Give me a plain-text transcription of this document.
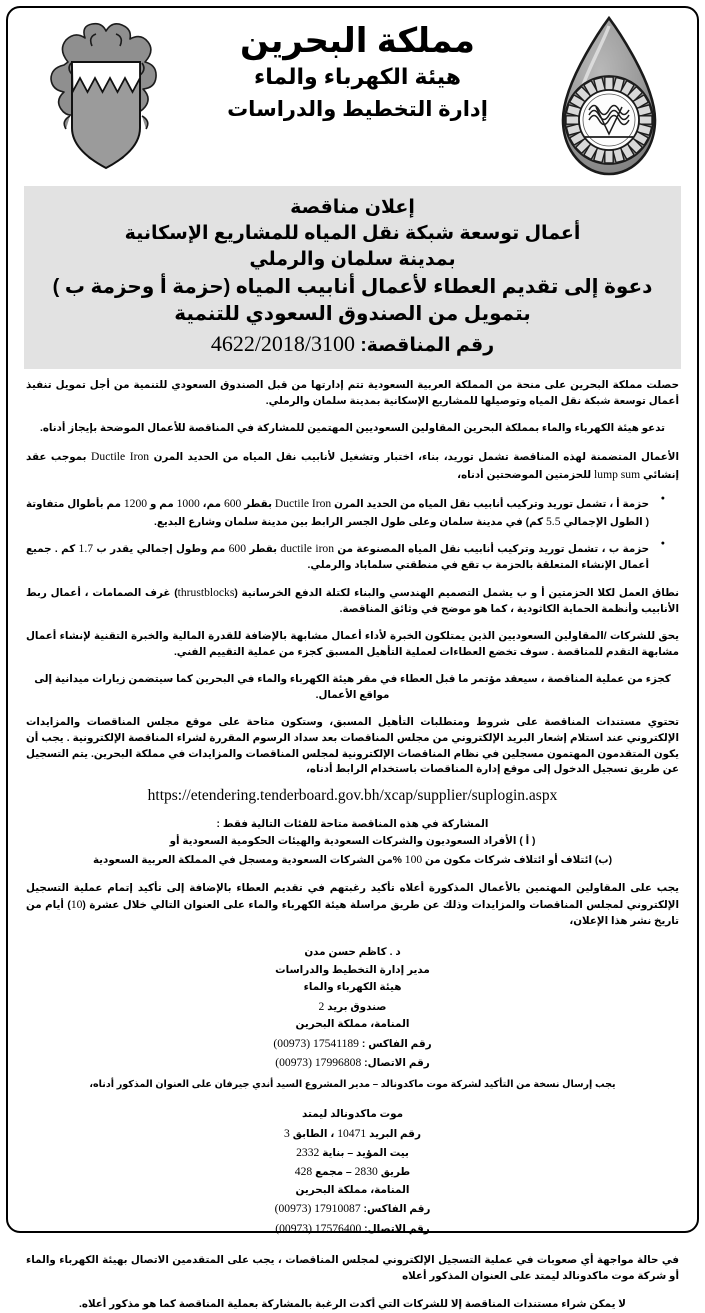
مملكة البحرين
هيئة الكهرباء والماء
إدارة التخطيط والدراسات
إعلان مناقصة
أعمال توسعة شبكة نقل المياه للمشاريع الإسكانية
بمدينة سلمان والرملي
دعوة إلى تقديم العطاء لأعمال أنابيب المياه (حزمة أ وحزمة ب )
بتمويل من الصندوق السعودي للتنمية
رقم المناقصة: 4622/2018/3100

حصلت مملكة البحرين على منحة من المملكة العربية السعودية تتم إدارتها من قبل الصندوق السعودي للتنمية من أجل تمويل تنفيذ أعمال توسعة شبكة نقل المياه وتوصيلها للمشاريع الإسكانية بمدينة سلمان والرملي.

تدعو هيئة الكهرباء والماء بمملكة البحرين المقاولين السعوديين المهتمين للمشاركة في المناقصة للأعمال الموضحة بإيجاز أدناه.

الأعمال المتضمنة لهذه المناقصة تشمل توريد، بناء، اختبار وتشغيل لأنابيب نقل المياه من الحديد المرن Ductile Iron بموجب عقد إنشائي lump sum للحزمتين الموضحتين أدناه،

● حزمة أ ، تشمل توريد وتركيب أنابيب نقل المياه من الحديد المرن Ductile Iron بقطر 600 مم، 1000 مم و 1200 مم بأطوال متفاوتة ( الطول الإجمالي 5.5 كم) في مدينة سلمان وعلى طول الجسر الرابط بين مدينة سلمان وشارع البديع.
● حزمة ب ، تشمل توريد وتركيب أنابيب نقل المياه المصنوعة من ductile iron بقطر 600 مم وطول إجمالي يقدر ب 1.7 كم . جميع أعمال الإنشاء المتعلقة بالحزمة ب تقع في منطقتي سلماباد والرملي.

نطاق العمل لكلا الحزمتين أ و ب يشمل التصميم الهندسي والبناء لكتلة الدفع الخرسانية (thrustblocks) غرف الصمامات ، أعمال ربط الأنابيب وأنظمة الحماية الكاثودية ، كما هو موضح في وثائق المناقصة.

يحق للشركات /المقاولين السعوديين الذين يمتلكون الخبرة لأداء أعمال مشابهة بالإضافة للقدرة المالية والخبرة التقنية لإنشاء أعمال مشابهة التقدم للمناقصة . سوف تخضع العطاءات لعملية التأهيل المسبق كجزء من عملية التقييم الفني.

كجزء من عملية المناقصة ، سيعقد مؤتمر ما قبل العطاء في مقر هيئة الكهرباء والماء في البحرين كما سيتضمن زيارات ميدانية إلى مواقع الأعمال.

تحتوي مستندات المناقصة على شروط ومتطلبات التأهيل المسبق، وستكون متاحة على موقع مجلس المناقصات والمزايدات الإلكتروني عند استلام إشعار البريد الإلكتروني من مجلس المناقصات بعد سداد الرسوم المقررة لشراء المناقصة الإلكترونية . يجب أن يكون المتقدمون المهتمون مسجلين في نظام المناقصات الإلكترونية لمجلس المناقصات والمزايدات في مملكة البحرين. يتم التسجيل عن طريق تسجيل الدخول إلى موقع إدارة المناقصات باستخدام الرابط أدناه،

https://etendering.tenderboard.gov.bh/xcap/supplier/suplogin.aspx
المشاركة في هذه المناقصة متاحة للفئات التالية فقط :
( أ ) الأفراد السعوديون والشركات السعودية والهيئات الحكومية السعودية أو
(ب) ائتلاف أو ائتلاف شركات مكون من 100 %من الشركات السعودية ومسجل في المملكة العربية السعودية

يجب على المقاولين المهتمين بالأعمال المذكورة أعلاه تأكيد رغبتهم في تقديم العطاء بالإضافة إلى تأكيد إتمام عملية التسجيل الإلكتروني لمجلس المناقصات والمزايدات وذلك عن طريق مراسلة هيئة الكهرباء والماء على العنوان التالي خلال عشرة (10) أيام من تاريخ نشر هذا الإعلان،

د . كاظم حسن مدن
مدير إدارة التخطيط والدراسات
هيئة الكهرباء والماء
صندوق بريد 2
المنامة، مملكة البحرين
رقم الفاكس : 17541189 (00973)
رقم الاتصال: 17996808 (00973)
يجب إرسال نسخة من التأكيد لشركة موت ماكدونالد – مدير المشروع السيد أندي جيرفان على العنوان المذكور أدناه،
موت ماكدونالد ليمتد
رقم البريد 10471 ، الطابق 3
بيت المؤيد – بناية 2332
طريق 2830 – مجمع 428
المنامة، مملكة البحرين
رقم الفاكس: 17910087 (00973)
رقم الاتصال: 17576400 (00973)

في حالة مواجهة أي صعوبات في عملية التسجيل الإلكتروني لمجلس المناقصات ، يجب على المتقدمين الاتصال بهيئة الكهرباء والماء أو شركة موت ماكدونالد ليمتد على العنوان المذكور أعلاه

لا يمكن شراء مستندات المناقصة إلا للشركات التي أكدت الرغبة بالمشاركة بعملية المناقصة كما هو مذكور أعلاه.
